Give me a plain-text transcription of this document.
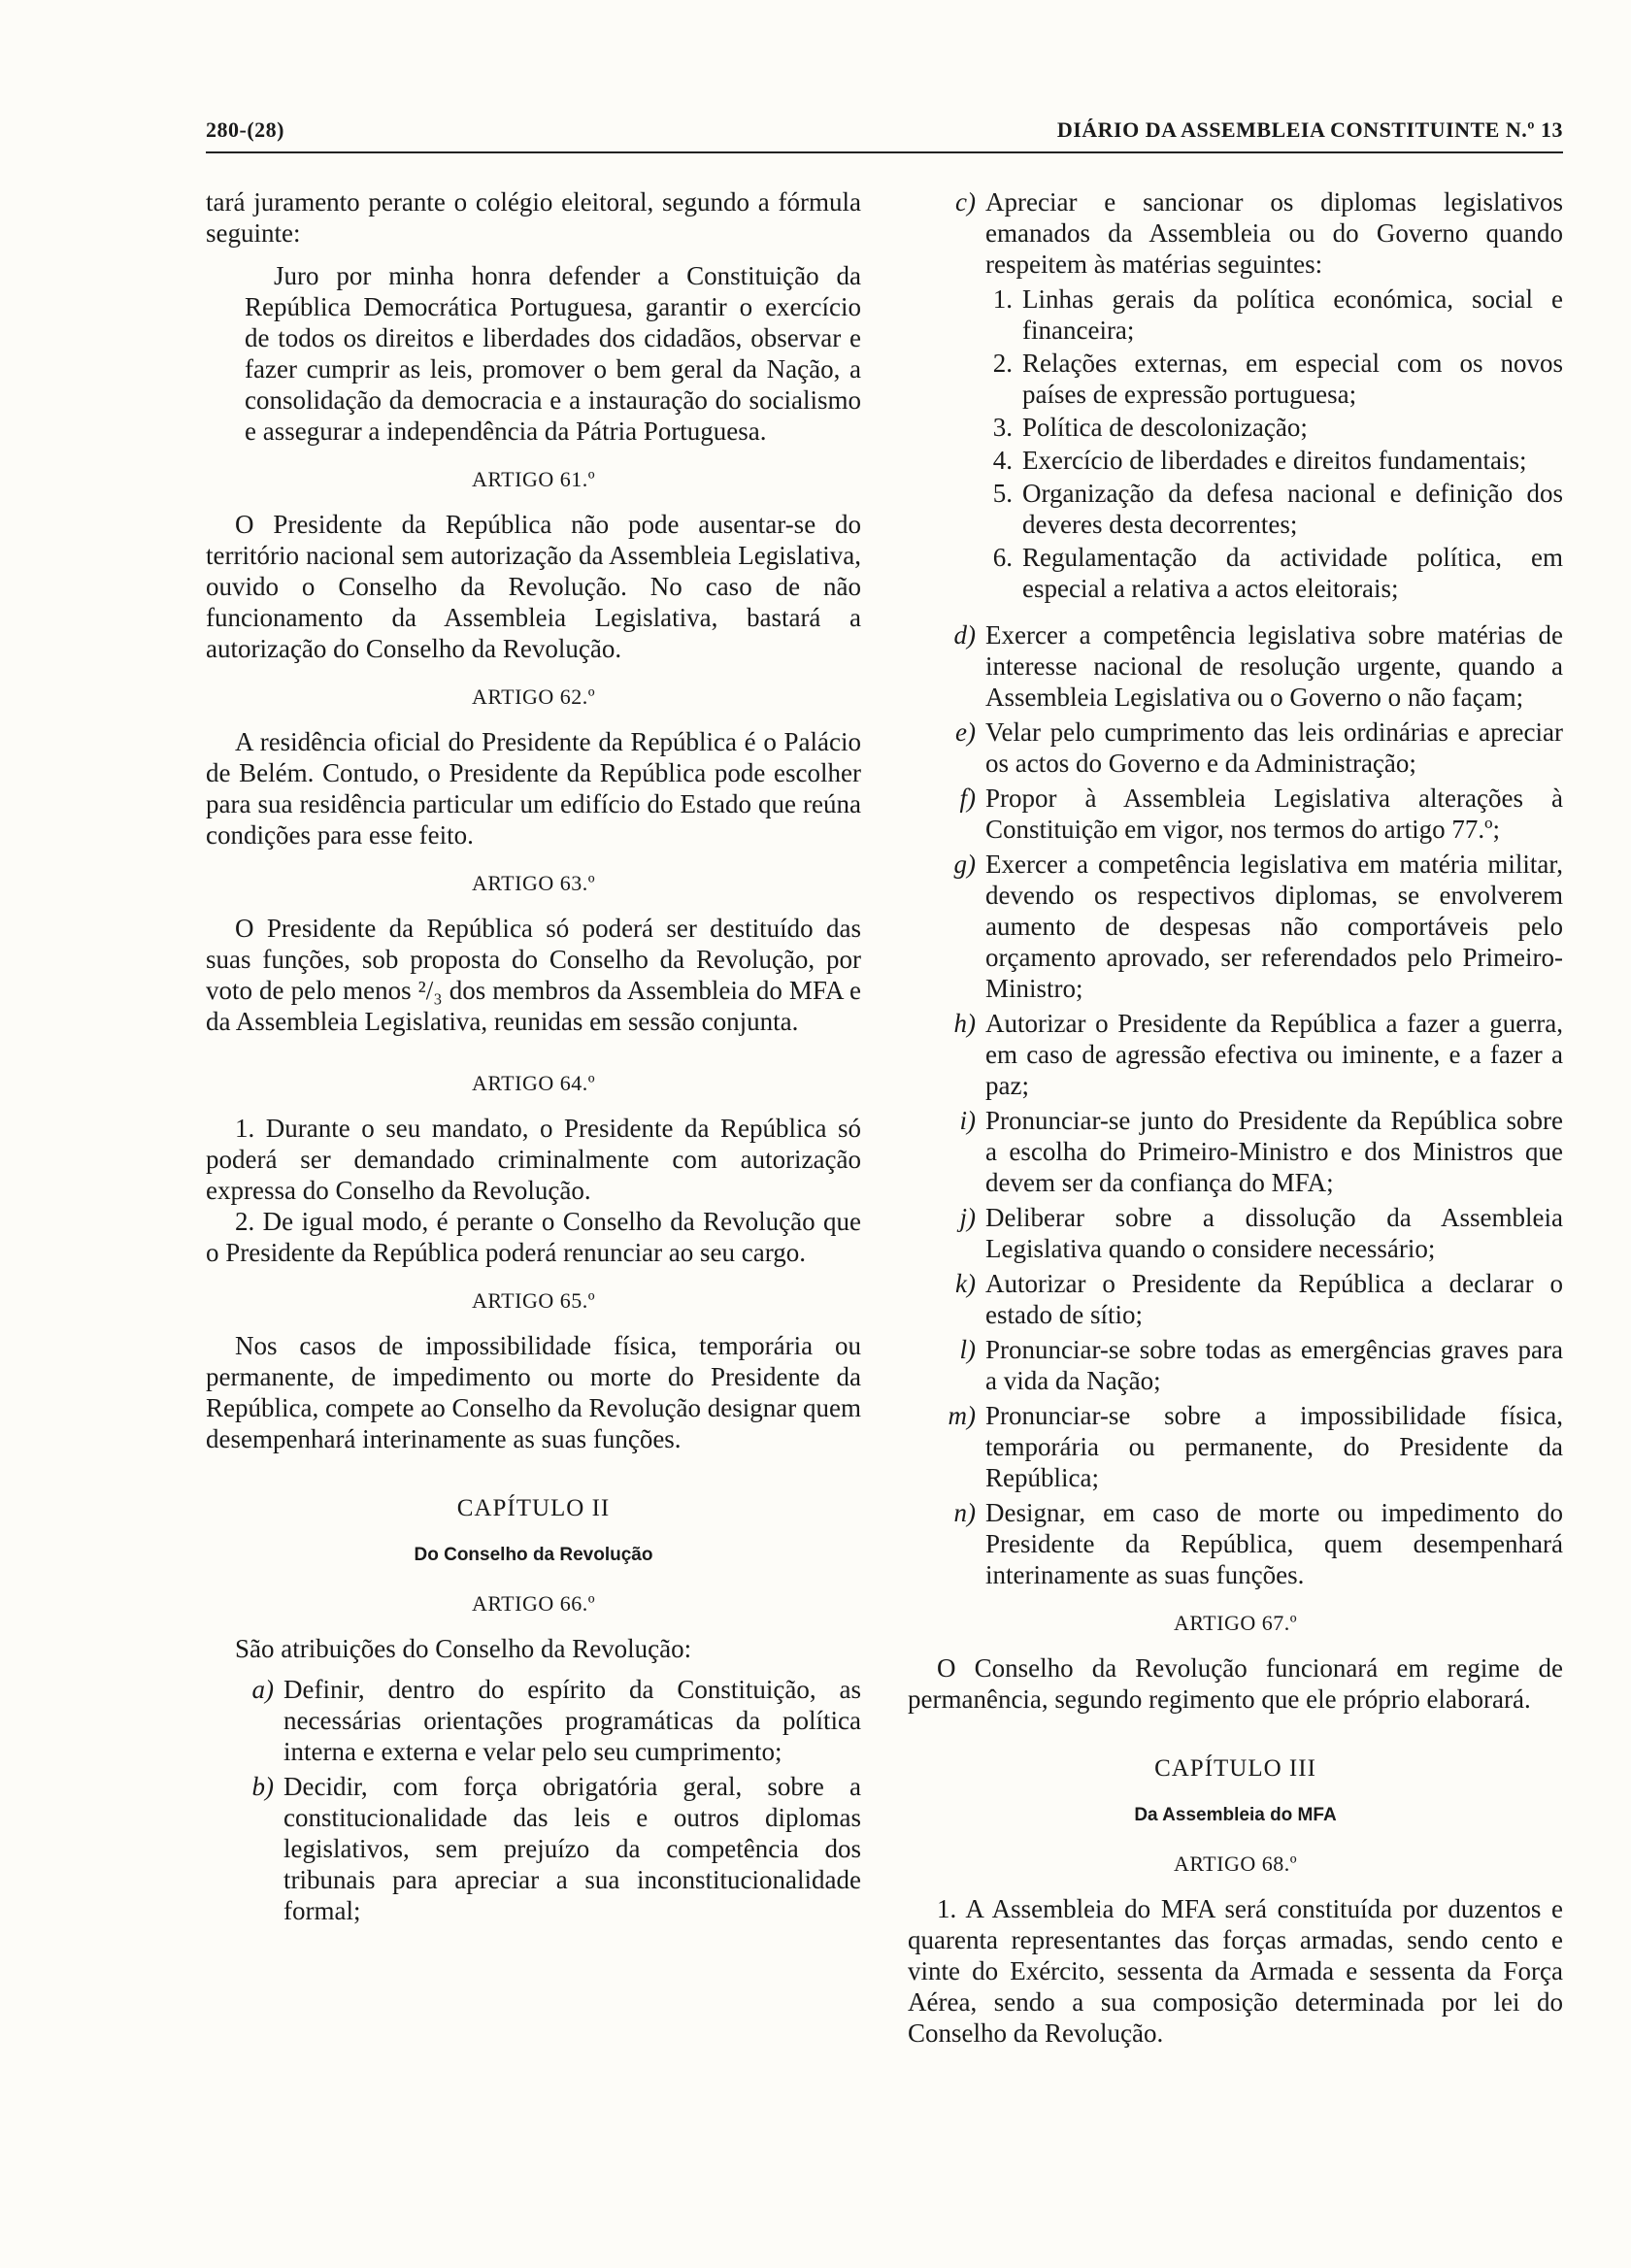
280-(28)	DIÁRIO DA ASSEMBLEIA CONSTITUINTE N.º 13

tará juramento perante o colégio eleitoral, segundo a fórmula seguinte:

Juro por minha honra defender a Constituição da República Democrática Portuguesa, garantir o exercício de todos os direitos e liberdades dos cidadãos, observar e fazer cumprir as leis, promover o bem geral da Nação, a consolidação da democracia e a instauração do socialismo e assegurar a independência da Pátria Portuguesa.

ARTIGO 61.º

O Presidente da República não pode ausentar-se do território nacional sem autorização da Assembleia Legislativa, ouvido o Conselho da Revolução. No caso de não funcionamento da Assembleia Legislativa, bastará a autorização do Conselho da Revolução.

ARTIGO 62.º

A residência oficial do Presidente da República é o Palácio de Belém. Contudo, o Presidente da República pode escolher para sua residência particular um edifício do Estado que reúna condições para esse feito.

ARTIGO 63.º

O Presidente da República só poderá ser destituído das suas funções, sob proposta do Conselho da Revolução, por voto de pelo menos ²/₃ dos membros da Assembleia do MFA e da Assembleia Legislativa, reunidas em sessão conjunta.

ARTIGO 64.º

1. Durante o seu mandato, o Presidente da República só poderá ser demandado criminalmente com autorização expressa do Conselho da Revolução.

2. De igual modo, é perante o Conselho da Revolução que o Presidente da República poderá renunciar ao seu cargo.

ARTIGO 65.º

Nos casos de impossibilidade física, temporária ou permanente, de impedimento ou morte do Presidente da República, compete ao Conselho da Revolução designar quem desempenhará interinamente as suas funções.

CAPÍTULO II
Do Conselho da Revolução
ARTIGO 66.º

São atribuições do Conselho da Revolução:

a) Definir, dentro do espírito da Constituição, as necessárias orientações programáticas da política interna e externa e velar pelo seu cumprimento;
b) Decidir, com força obrigatória geral, sobre a constitucionalidade das leis e outros diplomas legislativos, sem prejuízo da competência dos tribunais para apreciar a sua inconstitucionalidade formal;
c) Apreciar e sancionar os diplomas legislativos emanados da Assembleia ou do Governo quando respeitem às matérias seguintes:
1. Linhas gerais da política económica, social e financeira;
2. Relações externas, em especial com os novos países de expressão portuguesa;
3. Política de descolonização;
4. Exercício de liberdades e direitos fundamentais;
5. Organização da defesa nacional e definição dos deveres desta decorrentes;
6. Regulamentação da actividade política, em especial a relativa a actos eleitorais;
d) Exercer a competência legislativa sobre matérias de interesse nacional de resolução urgente, quando a Assembleia Legislativa ou o Governo o não façam;
e) Velar pelo cumprimento das leis ordinárias e apreciar os actos do Governo e da Administração;
f) Propor à Assembleia Legislativa alterações à Constituição em vigor, nos termos do artigo 77.º;
g) Exercer a competência legislativa em matéria militar, devendo os respectivos diplomas, se envolverem aumento de despesas não comportáveis pelo orçamento aprovado, ser referendados pelo Primeiro-Ministro;
h) Autorizar o Presidente da República a fazer a guerra, em caso de agressão efectiva ou iminente, e a fazer a paz;
i) Pronunciar-se junto do Presidente da República sobre a escolha do Primeiro-Ministro e dos Ministros que devem ser da confiança do MFA;
j) Deliberar sobre a dissolução da Assembleia Legislativa quando o considere necessário;
k) Autorizar o Presidente da República a declarar o estado de sítio;
l) Pronunciar-se sobre todas as emergências graves para a vida da Nação;
m) Pronunciar-se sobre a impossibilidade física, temporária ou permanente, do Presidente da República;
n) Designar, em caso de morte ou impedimento do Presidente da República, quem desempenhará interinamente as suas funções.
ARTIGO 67.º

O Conselho da Revolução funcionará em regime de permanência, segundo regimento que ele próprio elaborará.

CAPÍTULO III
Da Assembleia do MFA
ARTIGO 68.º

1. A Assembleia do MFA será constituída por duzentos e quarenta representantes das forças armadas, sendo cento e vinte do Exército, sessenta da Armada e sessenta da Força Aérea, sendo a sua composição determinada por lei do Conselho da Revolução.
